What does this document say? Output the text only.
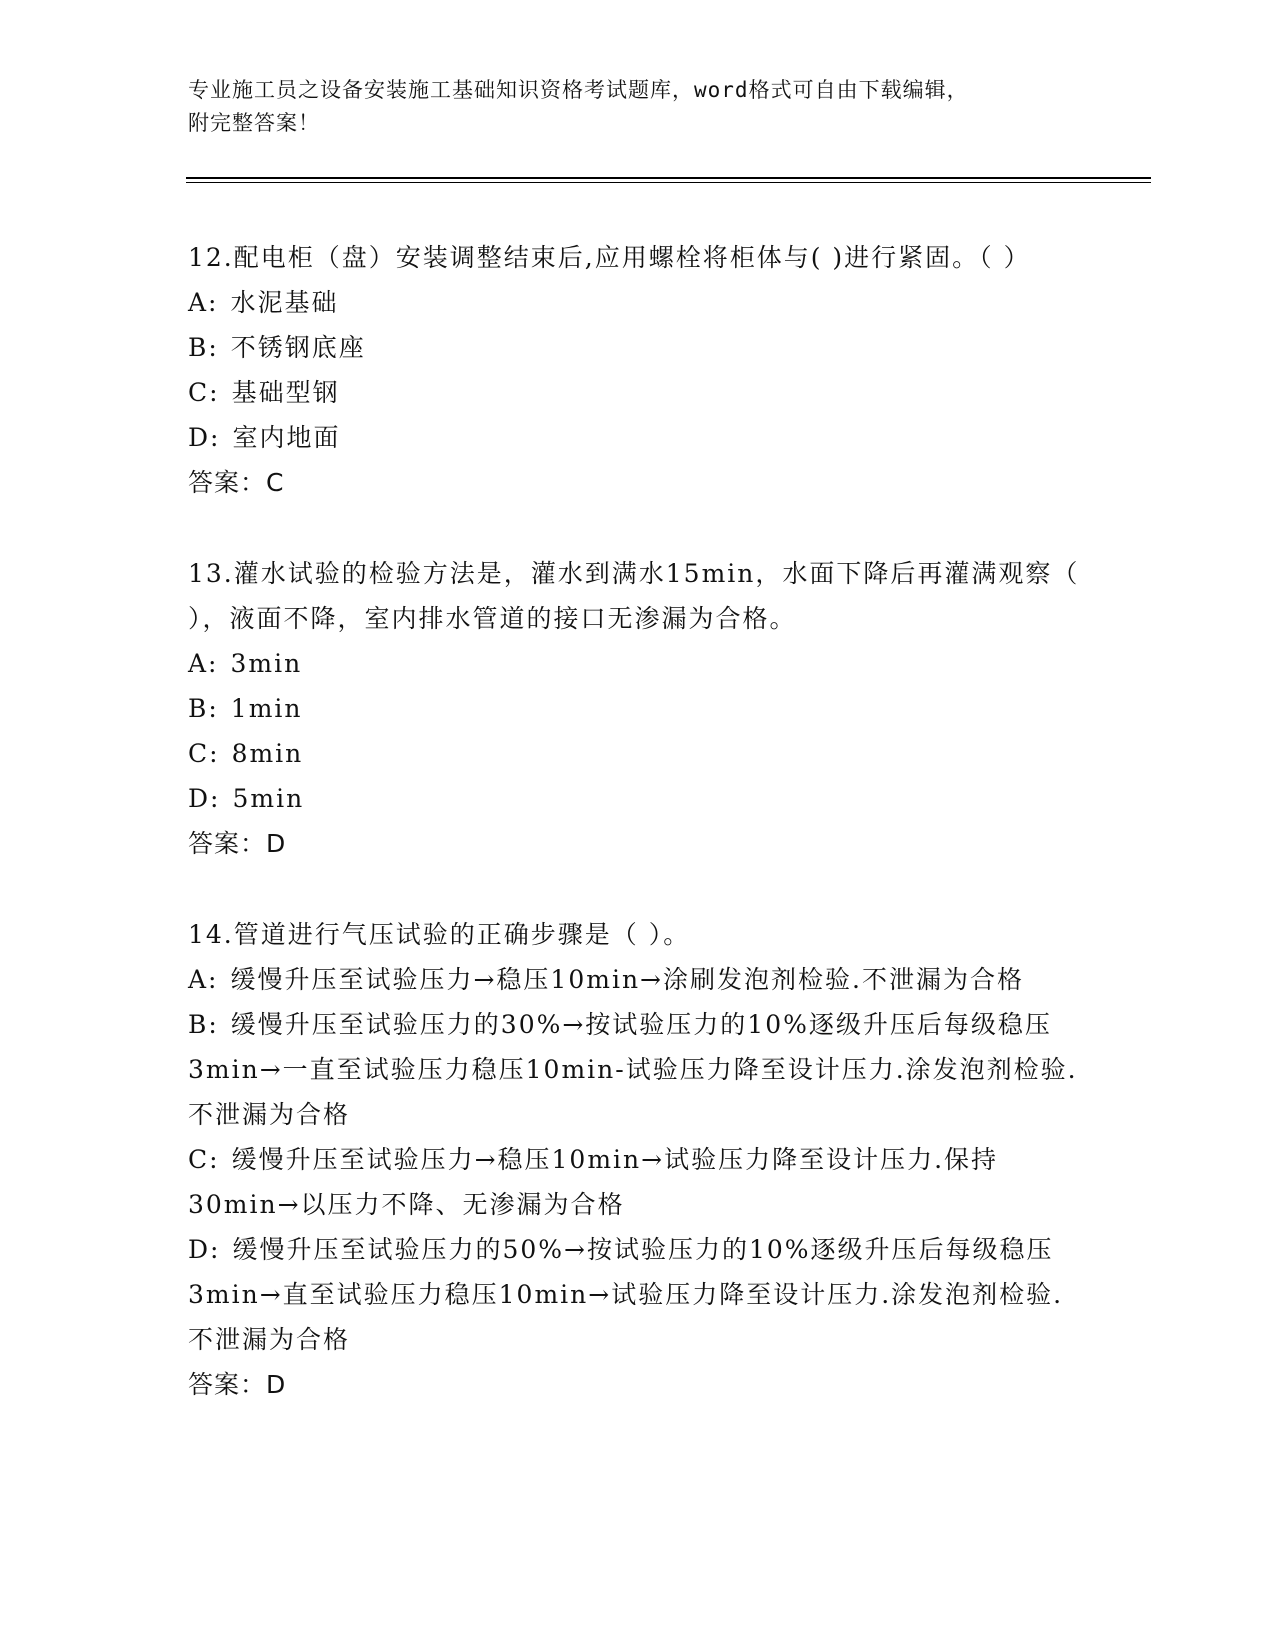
专业施工员之设备安装施工基础知识资格考试题库，word格式可自由下载编辑，
附完整答案！
12.配电柜（盘）安装调整结束后,应用螺栓将柜体与( )进行紧固。（ ）
A: 水泥基础
B: 不锈钢底座
C: 基础型钢
D: 室内地面
答案：C
13.灌水试验的检验方法是，灌水到满水15min，水面下降后再灌满观察（ ），液面不降，室内排水管道的接口无渗漏为合格。
A: 3min
B: 1min
C: 8min
D: 5min
答案：D
14.管道进行气压试验的正确步骤是（ ）。
A: 缓慢升压至试验压力→稳压10min→涂刷发泡剂检验.不泄漏为合格
B: 缓慢升压至试验压力的30%→按试验压力的10%逐级升压后每级稳压3min→一直至试验压力稳压10min-试验压力降至设计压力.涂发泡剂检验.不泄漏为合格
C: 缓慢升压至试验压力→稳压10min→试验压力降至设计压力.保持30min→以压力不降、无渗漏为合格
D: 缓慢升压至试验压力的50%→按试验压力的10%逐级升压后每级稳压3min→直至试验压力稳压10min→试验压力降至设计压力.涂发泡剂检验.不泄漏为合格
答案：D
